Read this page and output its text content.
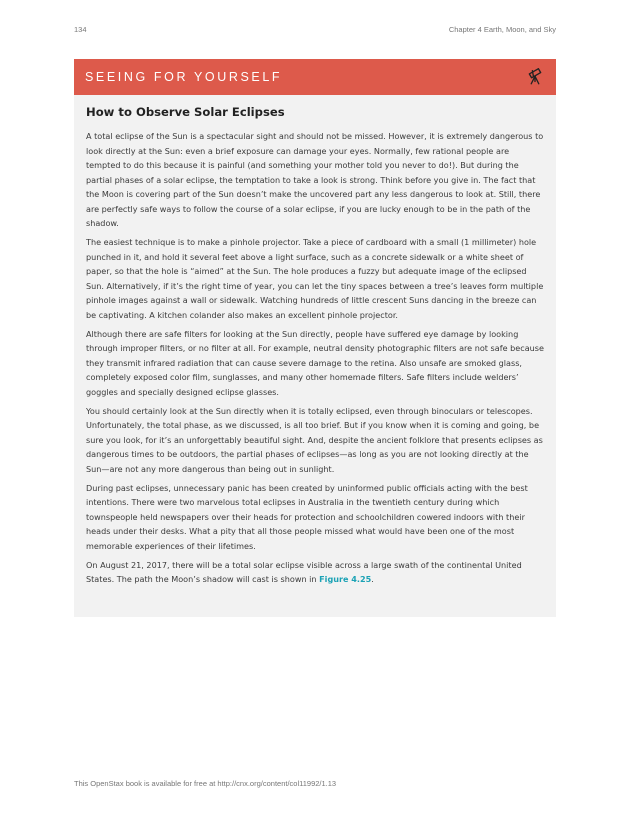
134	Chapter 4 Earth, Moon, and Sky
SEEING FOR YOURSELF
How to Observe Solar Eclipses

A total eclipse of the Sun is a spectacular sight and should not be missed. However, it is extremely dangerous to look directly at the Sun: even a brief exposure can damage your eyes. Normally, few rational people are tempted to do this because it is painful (and something your mother told you never to do!). But during the partial phases of a solar eclipse, the temptation to take a look is strong. Think before you give in. The fact that the Moon is covering part of the Sun doesn’t make the uncovered part any less dangerous to look at. Still, there are perfectly safe ways to follow the course of a solar eclipse, if you are lucky enough to be in the path of the shadow.

The easiest technique is to make a pinhole projector. Take a piece of cardboard with a small (1 millimeter) hole punched in it, and hold it several feet above a light surface, such as a concrete sidewalk or a white sheet of paper, so that the hole is “aimed” at the Sun. The hole produces a fuzzy but adequate image of the eclipsed Sun. Alternatively, if it’s the right time of year, you can let the tiny spaces between a tree’s leaves form multiple pinhole images against a wall or sidewalk. Watching hundreds of little crescent Suns dancing in the breeze can be captivating. A kitchen colander also makes an excellent pinhole projector.

Although there are safe filters for looking at the Sun directly, people have suffered eye damage by looking through improper filters, or no filter at all. For example, neutral density photographic filters are not safe because they transmit infrared radiation that can cause severe damage to the retina. Also unsafe are smoked glass, completely exposed color film, sunglasses, and many other homemade filters. Safe filters include welders’ goggles and specially designed eclipse glasses.

You should certainly look at the Sun directly when it is totally eclipsed, even through binoculars or telescopes. Unfortunately, the total phase, as we discussed, is all too brief. But if you know when it is coming and going, be sure you look, for it’s an unforgettably beautiful sight. And, despite the ancient folklore that presents eclipses as dangerous times to be outdoors, the partial phases of eclipses—as long as you are not looking directly at the Sun—are not any more dangerous than being out in sunlight.

During past eclipses, unnecessary panic has been created by uninformed public officials acting with the best intentions. There were two marvelous total eclipses in Australia in the twentieth century during which townspeople held newspapers over their heads for protection and schoolchildren cowered indoors with their heads under their desks. What a pity that all those people missed what would have been one of the most memorable experiences of their lifetimes.

On August 21, 2017, there will be a total solar eclipse visible across a large swath of the continental United States. The path the Moon’s shadow will cast is shown in Figure 4.25.

This OpenStax book is available for free at http://cnx.org/content/col11992/1.13
